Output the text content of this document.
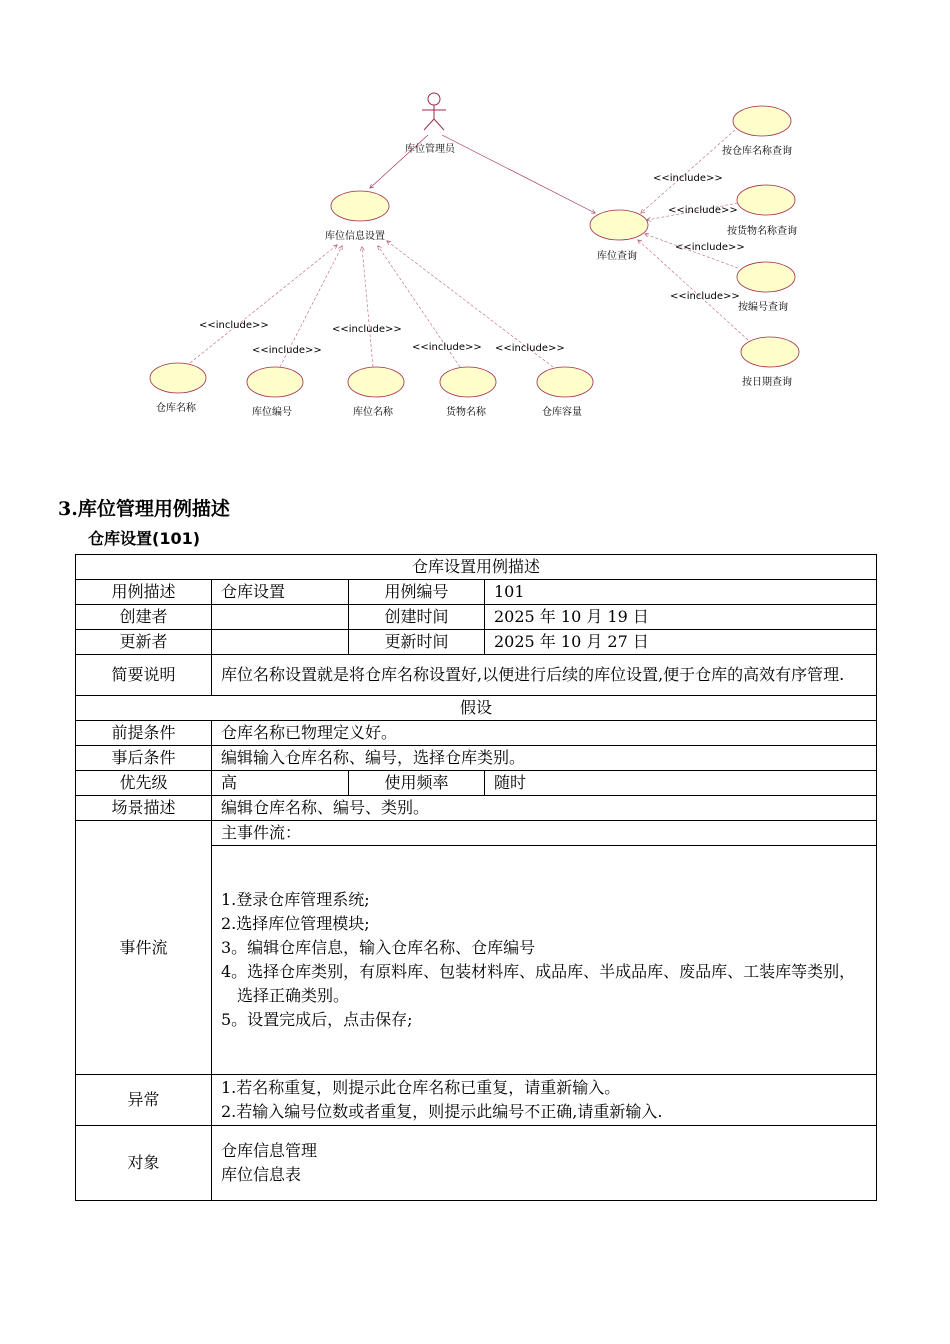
库位管理员
库位信息设置
库位查询
按仓库名称查询
按货物名称查询
按编号查询
按日期查询
<<include>>
<<include>>
<<include>>
<<include>>
仓库名称	库位编号	库位名称	货物名称	仓库容量
<<include>>
<<include>>
<<include>>
<<include>> <<include>>
3.库位管理用例描述
仓库设置(101)
仓库设置用例描述			
用例描述	仓库设置	用例编号	101
创建者		创建时间	2025 年 10 月 19 日
更新者		更新时间	2025 年 10 月 27 日
简要说明	库位名称设置就是将仓库名称设置好,以便进行后续的库位设置,便于仓库的高效有序管理.		
假设			
前提条件	仓库名称已物理定义好。		
事后条件	编辑输入仓库名称、编号，选择仓库类别。		
优先级	高	使用频率	随时
场景描述	编辑仓库名称、编号、类别。		
事件流	主事件流：		

	1.登录仓库管理系统;
2.选择库位管理模块;
3。编辑仓库信息，输入仓库名称、仓库编号
4。选择仓库类别，有原料库、包装材料库、成品库、半成品库、废品库、工装库等类别，选择正确类别。
5。设置完成后，点击保存;		

异常	1.若名称重复，则提示此仓库名称已重复，请重新输入。
2.若输入编号位数或者重复，则提示此编号不正确,请重新输入.		

对象	仓库信息管理
库位信息表		
